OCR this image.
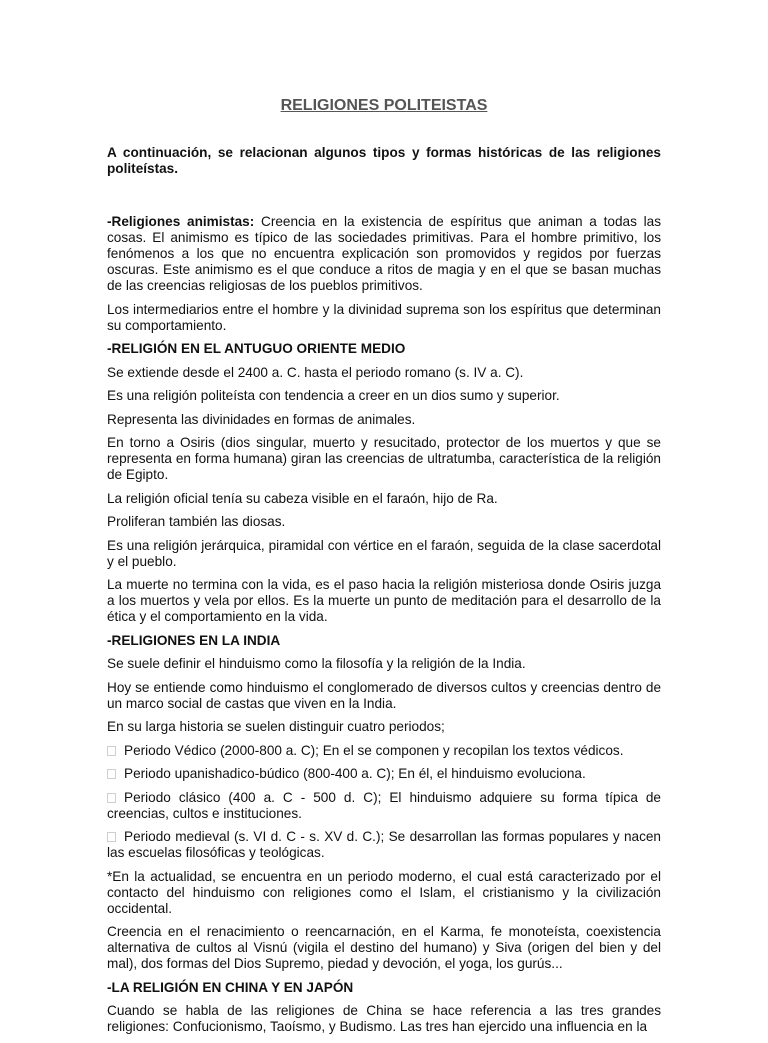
RELIGIONES POLITEISTAS

A continuación, se relacionan algunos tipos y formas históricas de las religiones politeístas.

-Religiones animistas: Creencia en la existencia de espíritus que animan a todas las cosas. El animismo es típico de las sociedades primitivas. Para el hombre primitivo, los fenómenos a los que no encuentra explicación son promovidos y regidos por fuerzas oscuras. Este animismo es el que conduce a ritos de magia y en el que se basan muchas de las creencias religiosas de los pueblos primitivos.

Los intermediarios entre el hombre y la divinidad suprema son los espíritus que determinan su comportamiento.

-RELIGIÓN EN EL ANTUGUO ORIENTE MEDIO

Se extiende desde el 2400 a. C. hasta el periodo romano (s. IV a. C).

Es una religión politeísta con tendencia a creer en un dios sumo y superior.

Representa las divinidades en formas de animales.

En torno a Osiris (dios singular, muerto y resucitado, protector de los muertos y que se representa en forma humana) giran las creencias de ultratumba, característica de la religión de Egipto.

La religión oficial tenía su cabeza visible en el faraón, hijo de Ra.

Proliferan también las diosas.

Es una religión jerárquica, piramidal con vértice en el faraón, seguida de la clase sacerdotal y el pueblo.

La muerte no termina con la vida, es el paso hacia la religión misteriosa donde Osiris juzga a los muertos y vela por ellos. Es la muerte un punto de meditación para el desarrollo de la ética y el comportamiento en la vida.

-RELIGIONES EN LA INDIA

Se suele definir el hinduismo como la filosofía y la religión de la India.

Hoy se entiende como hinduismo el conglomerado de diversos cultos y creencias dentro de un marco social de castas que viven en la India.

En su larga historia se suelen distinguir cuatro periodos;

Periodo Védico (2000-800 a. C); En el se componen y recopilan los textos védicos.

Periodo upanishadico-búdico (800-400 a. C); En él, el hinduismo evoluciona.

Periodo clásico (400 a. C - 500 d. C); El hinduismo adquiere su forma típica de creencias, cultos e instituciones.

Periodo medieval (s. VI d. C - s. XV d. C.); Se desarrollan las formas populares y nacen las escuelas filosóficas y teológicas.

*En la actualidad, se encuentra en un periodo moderno, el cual está caracterizado por el contacto del hinduismo con religiones como el Islam, el cristianismo y la civilización occidental.

Creencia en el renacimiento o reencarnación, en el Karma, fe monoteísta, coexistencia alternativa de cultos al Visnú (vigila el destino del humano) y Siva (origen del bien y del mal), dos formas del Dios Supremo, piedad y devoción, el yoga, los gurús...

-LA RELIGIÓN EN CHINA Y EN JAPÓN

Cuando se habla de las religiones de China se hace referencia a las tres grandes religiones: Confucionismo, Taoísmo, y Budismo. Las tres han ejercido una influencia en la
